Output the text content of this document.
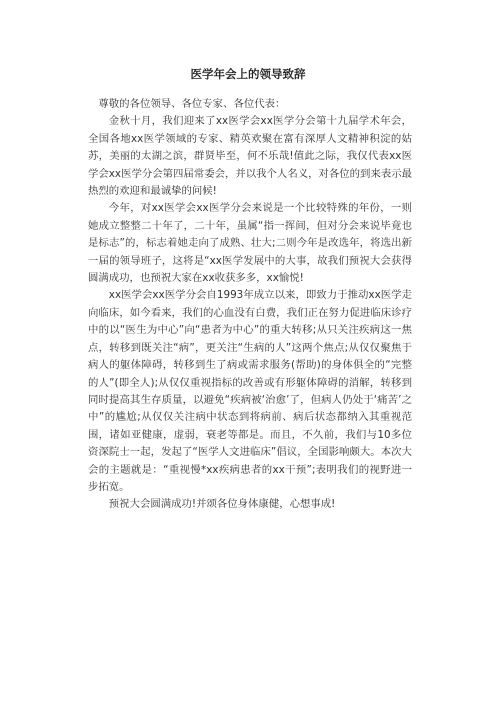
医学年会上的领导致辞

尊敬的各位领导、各位专家、各位代表：

金秋十月，我们迎来了xx医学会xx医学分会第十九届学术年会，全国各地xx医学领域的专家、精英欢聚在富有深厚人文精神积淀的姑苏，美丽的太湖之滨，群贤毕至，何不乐哉!值此之际，我仅代表xx医学会xx医学分会第四届常委会，并以我个人名义，对各位的到来表示最热烈的欢迎和最诚挚的问候!

今年，对xx医学会xx医学分会来说是一个比较特殊的年份，一则她成立整整二十年了，二十年，虽属“指一挥间，但对分会来说毕竟也是标志”的，标志着她走向了成熟、壮大;二则今年是改选年，将选出新一届的领导班子，这将是“xx医学发展中的大事，故我们预祝大会获得圆满成功，也预祝大家在xx收获多多，xx愉悦!

xx医学会xx医学分会自1993年成立以来，即致力于推动xx医学走向临床，如今看来，我们的心血没有白费，我们正在努力促进临床诊疗中的以“医生为中心”向“患者为中心”的重大转移;从只关注疾病这一焦点，转移到既关注“病”，更关注“生病的人”这两个焦点;从仅仅聚焦于病人的躯体障碍，转移到生了病或需求服务(帮助)的身体俱全的“完整的人”(即全人);从仅仅重视指标的改善或有形躯体障碍的消解，转移到同时提高其生存质量，以避免“疾病被‘治愈’了，但病人仍处于‘痛苦’之中”的尴尬;从仅仅关注病中状态到将病前、病后状态都纳入其重视范围，诸如亚健康，虚弱，衰老等都是。而且，不久前，我们与10多位资深院士一起，发起了“医学人文进临床”倡议，全国影响颇大。本次大会的主题就是：“重视慢*xx疾病患者的xx干预”;表明我们的视野进一步拓宽。

预祝大会圆满成功!并颂各位身体康健，心想事成!
